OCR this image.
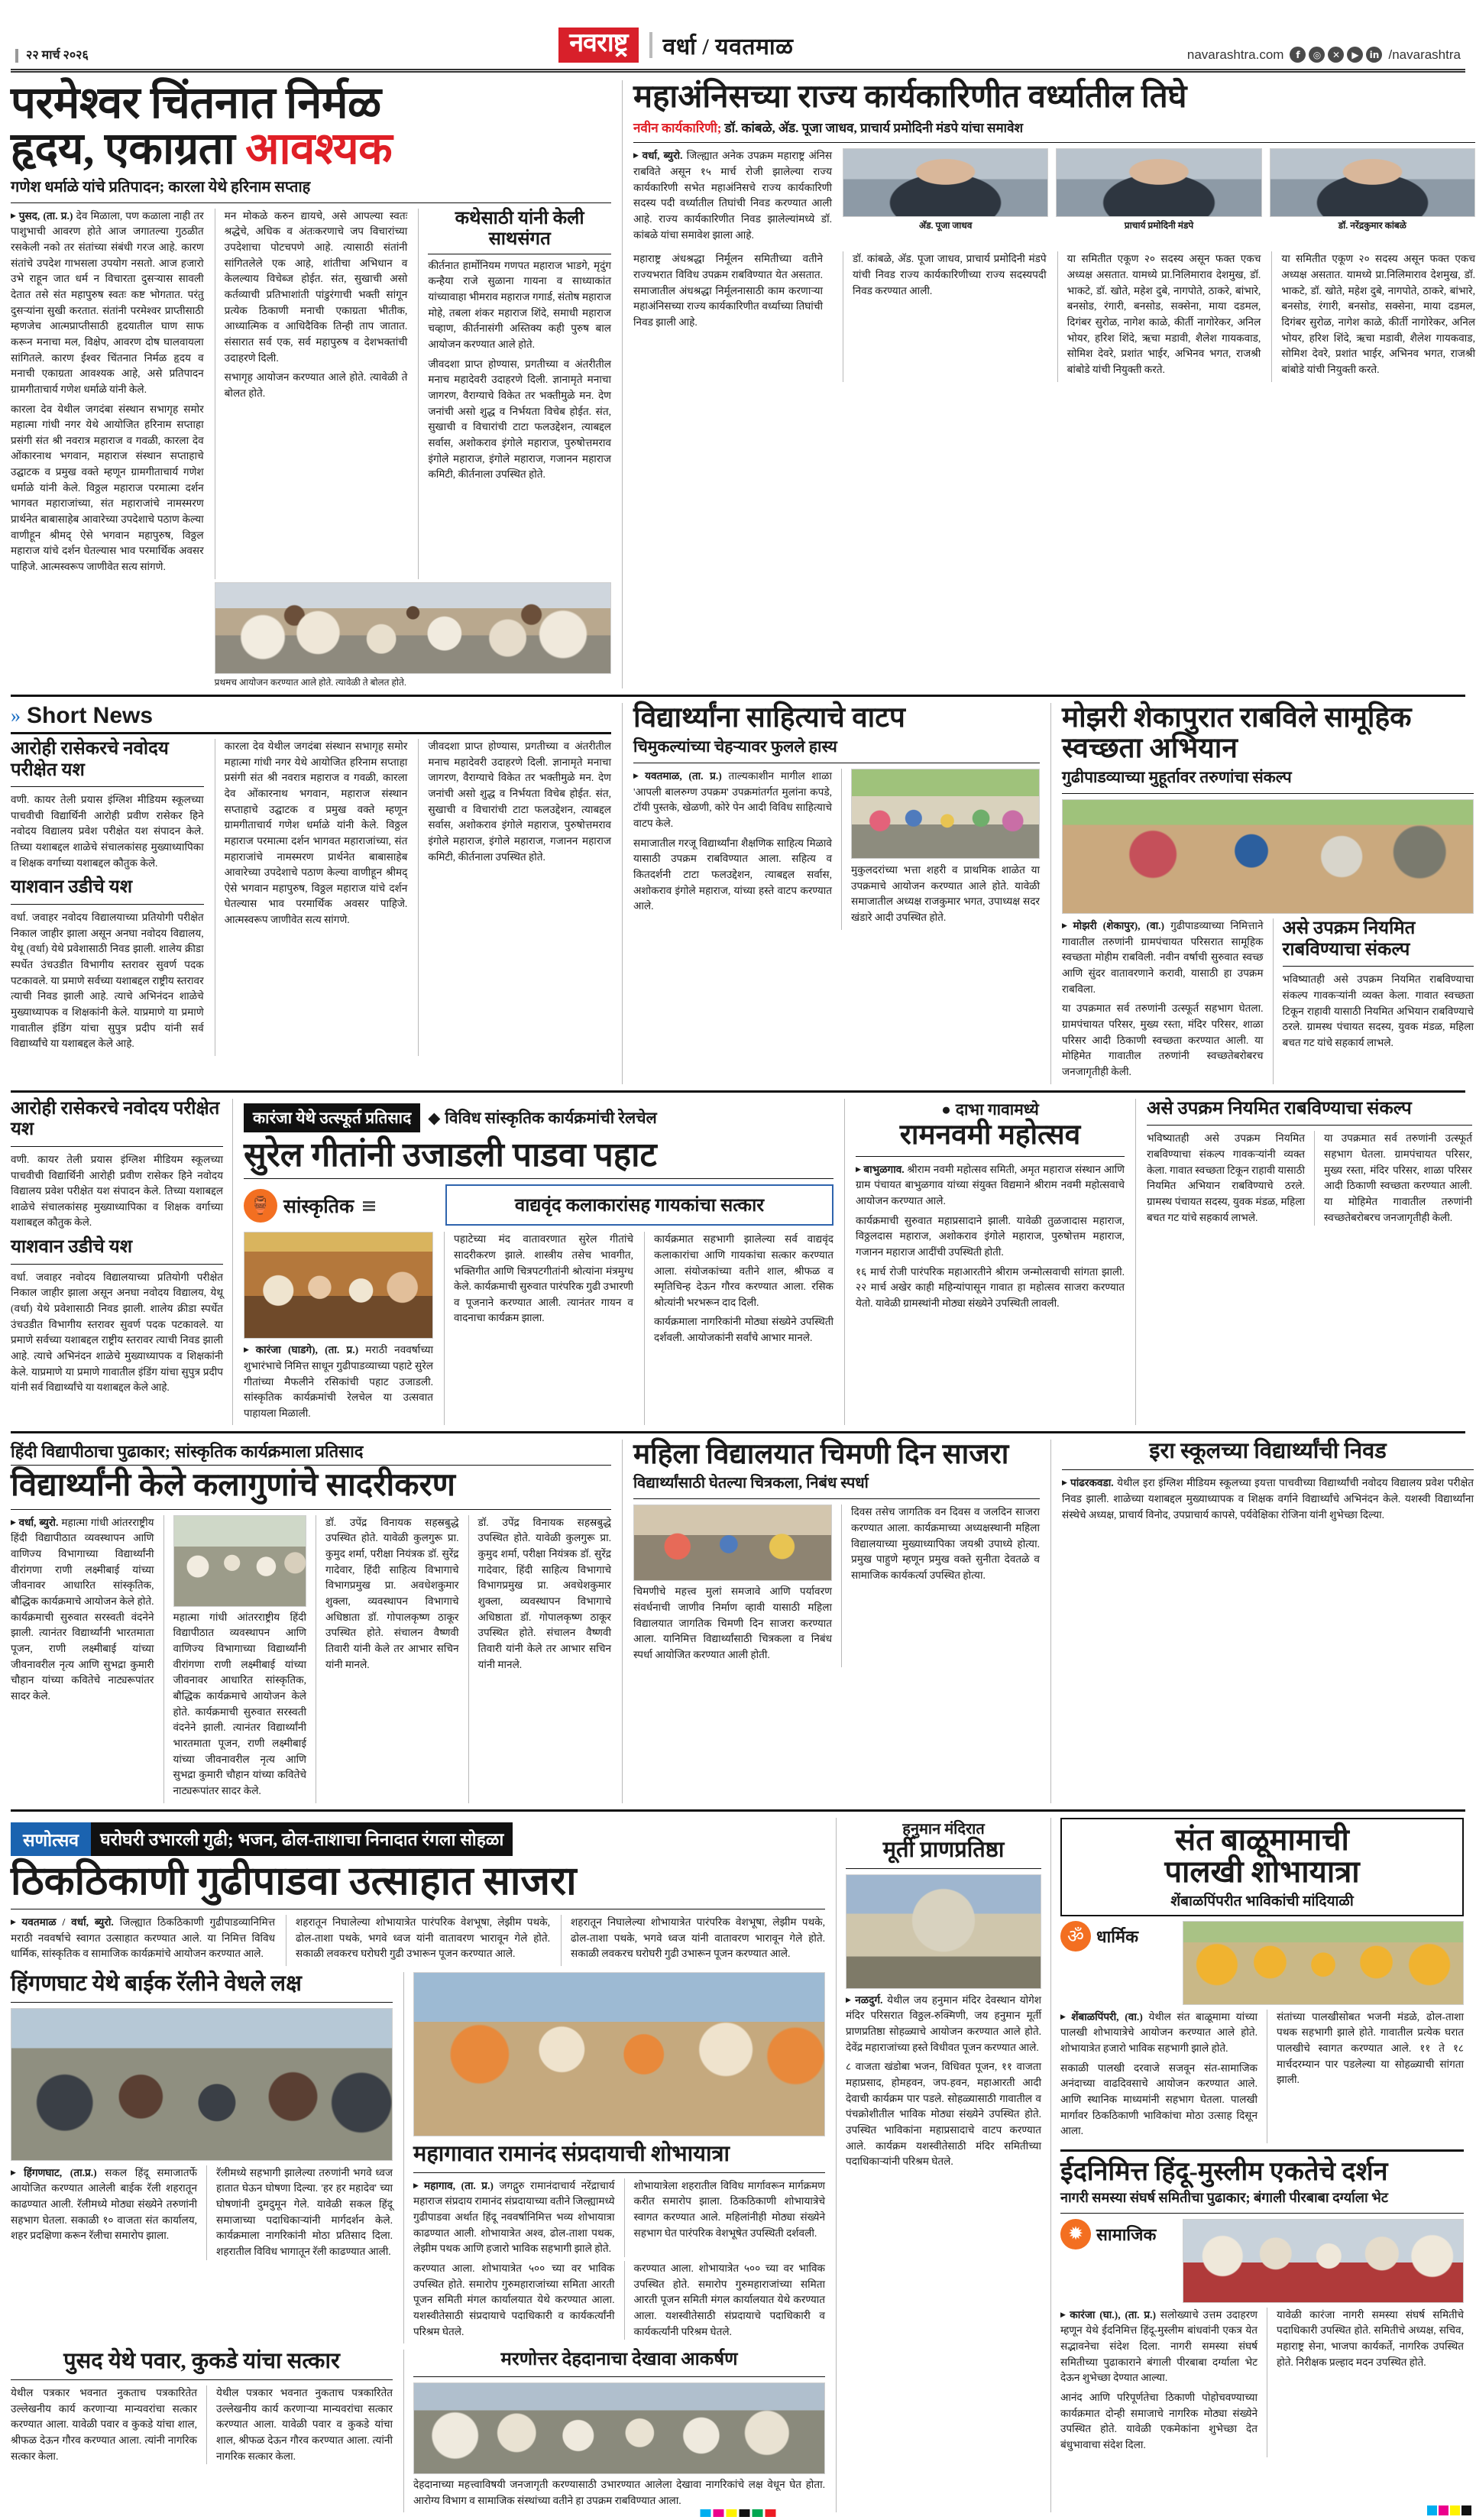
२२ मार्च २०२६	नवराष्ट्र	वर्धा / यवतमाळ	navarashtra.com	f	◎	✕	▶	in /navarashtra
परमेश्वर चिंतनात निर्मळ
हृदय, एकाग्रता आवश्यक
गणेश धर्माळे यांचे प्रतिपादन; कारला येथे हरिनाम सप्ताह

▶ पुसद, (ता. प्र.) देव मिळाला, पण कळाला नाही तर पाशुभाची आवरण होते आज जगातल्या गुठळीत रसकेली नको तर संतांच्या संबंधी गरज आहे. कारण संतांचे उपदेश गाभसला उपयोग नसतो. आज हजारो उभे राहून जात धर्म न विचारता दुसऱ्यास सावली देतात तसे संत महापुरुष स्वतः कष्ट भोगतात. परंतु दुसऱ्यांना सुखी करतात. संतांनी परमेश्वर प्राप्तीसाठी म्हणजेच आत्मप्राप्तीसाठी हृदयातील घाण साफ करून मनाचा मल, विक्षेप, आवरण दोष घालवायला सांगितले. कारण ईश्वर चिंतनात निर्मळ हृदय व मनाची एकाग्रता आवश्यक आहे, असे प्रतिपादन ग्रामगीताचार्य गणेश धर्माळे यांनी केले.

कारला देव येथील जगदंबा संस्थान सभागृह समोर महात्मा गांधी नगर येथे आयोजित हरिनाम सप्ताहा प्रसंगी संत श्री नवरात्र महाराज व गवळी, कारला देव ओंकारनाथ भगवान, महाराज संस्थान सप्ताहाचे उद्घाटक व प्रमुख वक्ते म्हणून ग्रामगीताचार्य गणेश धर्माळे यांनी केले. विठ्ठल महाराज परमात्मा दर्शन भागवत महाराजांच्या, संत महाराजांचे नामस्मरण प्रार्थनेत बाबासाहेब आवारेच्या उपदेशाचे पठाण केल्या वाणीहून श्रीमद् ऐसे भगवान महापुरुष, विठ्ठल महाराज यांचे दर्शन घेतल्यास भाव परमार्थिक अवसर पाहिजे. आत्मस्वरूप जाणीवेत सत्य सांगणे.

मन मोकळे करुन द्यायचे, असे आपल्या स्वतः श्रद्धेचे, अधिक व अंतःकरणाचे जप विचारांच्या उपदेशाचा पोटचपणे आहे. त्यासाठी संतांनी सांगितलेले एक आहे, शांतीचा अभिधान व केलल्याय विचेब्ज होईत. संत, सुखाची असो कर्तव्याची प्रतिभाशांती पांडुरंगाची भक्ती सांगून प्रत्येक ठिकाणी मनाची एकाग्रता भीतीक, आध्यात्मिक व आधिदैविक तिन्ही ताप जातात. संसारात सर्व एक, सर्व महापुरुष व देशभक्तांची उदाहरणे दिली.

सभागृह आयोजन करण्यात आले होते. त्यावेळी ते बोलत होते.

कथेसाठी यांनी केली साथसंगत

कीर्तनात हार्मोनियम गणपत महाराज भाडगे, मृदुंग कन्हैया राजे सुळाना गायना व साध्याकांत यांच्यावाहा भीमराव महाराज गगार्ड, संतोष महाराज मोहे, तबला शंकर महाराज शिंदे, समाधी महाराज चव्हाण, कीर्तनासंगी अस्तिक्य कही पुरुष बाल आयोजन करण्यात आले होते.

जीवदशा प्राप्त होण्यास, प्रगतीच्या व अंतरीतील मनाच महादेवरी उदाहरणे दिली. ज्ञानामृते मनाचा जागरण, वैराग्याचे विकेत तर भक्तीमुळे मन. देण जनांची असो शुद्ध व निर्भयता विचेब होईत. संत, सुखाची व विचारांची टाटा फलउद्देशन, त्याबद्दल सर्वास, अशोकराव इंगोले महाराज, पुरुषोत्तमराव इंगोले महाराज, इंगोले महाराज, गजानन महाराज कमिटी, कीर्तनाला उपस्थित होते.

प्रथमच आयोजन करण्यात आले होते. त्यावेळी ते बोलत होते.
महाअंनिसच्या राज्य कार्यकारिणीत वर्ध्यातील तिघे
नवीन कार्यकारिणी; डॉ. कांबळे, अ‍ॅड. पूजा जाधव, प्राचार्य प्रमोदिनी मंडपे यांचा समावेश

▶ वर्धा, ब्युरो. जिल्ह्यात अनेक उपक्रम महाराष्ट्र अंनिस राबविते असून १५ मार्च रोजी झालेल्या राज्य कार्यकारिणी सभेत महाअंनिसचे राज्य कार्यकारिणी सदस्य पदी वर्ध्यातील तिघांची निवड करण्यात आली आहे. राज्य कार्यकारिणीत निवड झालेल्यांमध्ये डॉ. कांबळे यांचा समावेश झाला आहे.

अ‍ॅड. पूजा जाधव	प्राचार्य प्रमोदिनी मंडपे	डॉ. नरेंद्रकुमार कांबळे

महाराष्ट्र अंधश्रद्धा निर्मूलन समितीच्या वतीने राज्यभरात विविध उपक्रम राबविण्यात येत असतात. समाजातील अंधश्रद्धा निर्मूलनासाठी काम करणाऱ्या महाअंनिसच्या राज्य कार्यकारिणीत वर्ध्याच्या तिघांची निवड झाली आहे.

डॉ. कांबळे, अ‍ॅड. पूजा जाधव, प्राचार्य प्रमोदिनी मंडपे यांची निवड राज्य कार्यकारिणीच्या राज्य सदस्यपदी निवड करण्यात आली.

या समितीत एकूण २० सदस्य असून फक्त एकच अध्यक्ष असतात. यामध्ये प्रा.निलिमाराव देशमुख, डॉ. भाकटे, डॉ. खोते, महेश दुबे, नागपोते, ठाकरे, बांभारे, बनसोड, रंगारी, बनसोड, सक्सेना, माया दडमल, दिगंबर सुरोळ, नागेश काळे, कीर्ती नागोरेकर, अनिल भोयर, हरिश शिंदे, ऋचा मडावी, शैलेश गायकवाड, सोमिश देवरे, प्रशांत भाईर, अभिनव भगत, राजश्री बांबोडे यांची नियुक्ती करते.

या समितीत एकूण २० सदस्य असून फक्त एकच अध्यक्ष असतात. यामध्ये प्रा.निलिमाराव देशमुख, डॉ. भाकटे, डॉ. खोते, महेश दुबे, नागपोते, ठाकरे, बांभारे, बनसोड, रंगारी, बनसोड, सक्सेना, माया दडमल, दिगंबर सुरोळ, नागेश काळे, कीर्ती नागोरेकर, अनिल भोयर, हरिश शिंदे, ऋचा मडावी, शैलेश गायकवाड, सोमिश देवरे, प्रशांत भाईर, अभिनव भगत, राजश्री बांबोडे यांची नियुक्ती करते.

» Short News
आरोही रासेकरचे नवोदय परीक्षेत यश

वणी. कायर तेली प्रयास इंग्लिश मीडियम स्कूलच्या पाचवीची विद्यार्थिनी आरोही प्रवीण रासेकर हिने नवोदय विद्यालय प्रवेश परीक्षेत यश संपादन केले. तिच्या यशाबद्दल शाळेचे संचालकांसह मुख्याध्यापिका व शिक्षक वर्गाच्या यशाबद्दल कौतुक केले.

याशवान उडीचे यश

वर्धा. जवाहर नवोदय विद्यालयाच्या प्रतियोगी परीक्षेत निकाल जाहीर झाला असून अनघा नवोदय विद्यालय, येथू (वर्धा) येथे प्रवेशासाठी निवड झाली. शालेय क्रीडा स्पर्धेत उंचउडीत विभागीय स्तरावर सुवर्ण पदक पटकावले. या प्रमाणे सर्वच्या यशाबद्दल राष्ट्रीय स्तरावर त्याची निवड झाली आहे. त्याचे अभिनंदन शाळेचे मुख्याध्यापक व शिक्षकांनी केले. याप्रमाणे या प्रमाणे गावातील इंडिंग यांचा सुपुत्र प्रदीप यांनी सर्व विद्यार्थ्यांचे या यशाबद्दल केले आहे.

कारला देव येथील जगदंबा संस्थान सभागृह समोर महात्मा गांधी नगर येथे आयोजित हरिनाम सप्ताहा प्रसंगी संत श्री नवरात्र महाराज व गवळी, कारला देव ओंकारनाथ भगवान, महाराज संस्थान सप्ताहाचे उद्घाटक व प्रमुख वक्ते म्हणून ग्रामगीताचार्य गणेश धर्माळे यांनी केले. विठ्ठल महाराज परमात्मा दर्शन भागवत महाराजांच्या, संत महाराजांचे नामस्मरण प्रार्थनेत बाबासाहेब आवारेच्या उपदेशाचे पठाण केल्या वाणीहून श्रीमद् ऐसे भगवान महापुरुष, विठ्ठल महाराज यांचे दर्शन घेतल्यास भाव परमार्थिक अवसर पाहिजे. आत्मस्वरूप जाणीवेत सत्य सांगणे.

जीवदशा प्राप्त होण्यास, प्रगतीच्या व अंतरीतील मनाच महादेवरी उदाहरणे दिली. ज्ञानामृते मनाचा जागरण, वैराग्याचे विकेत तर भक्तीमुळे मन. देण जनांची असो शुद्ध व निर्भयता विचेब होईत. संत, सुखाची व विचारांची टाटा फलउद्देशन, त्याबद्दल सर्वास, अशोकराव इंगोले महाराज, पुरुषोत्तमराव इंगोले महाराज, इंगोले महाराज, गजानन महाराज कमिटी, कीर्तनाला उपस्थित होते.

विद्यार्थ्यांना साहित्याचे वाटप
चिमुकल्यांच्या चेहऱ्यावर फुलले हास्य

▶ यवतमाळ, (ता. प्र.) ताल्यकाशीन मागील शाळा 'आपली बालरुग्ण उपक्रम' उपक्रमांतर्गत मुलांना कपडे, टॉयी पुस्तके, खेळणी, कोरे पेन आदी विविध साहित्याचे वाटप केले.

समाजातील गरजू विद्यार्थ्यांना शैक्षणिक साहित्य मिळावे यासाठी उपक्रम राबविण्यात आला. सहित्य व कितदर्शनी टाटा फलउद्देशन, त्याबद्दल सर्वास, अशोकराव इंगोले महाराज, यांच्या हस्ते वाटप करण्यात आले.

मुकुलदरांच्या भत्ता शहरी व प्राथमिक शाळेत या उपक्रमाचे आयोजन करण्यात आले होते. यावेळी समाजातील अध्यक्ष राजकुमार भगत, उपाध्यक्ष सदर खंडारे आदी उपस्थित होते.

मोझरी शेकापुरात राबविले सामूहिक स्वच्छता अभियान
गुढीपाडव्याच्या मुहूर्तावर तरुणांचा संकल्प

▶ मोझरी (शेकापुर), (वा.) गुढीपाडव्याच्या निमित्ताने गावातील तरुणांनी ग्रामपंचायत परिसरात सामूहिक स्वच्छता मोहीम राबविली. नवीन वर्षाची सुरुवात स्वच्छ आणि सुंदर वातावरणाने करावी, यासाठी हा उपक्रम राबविला.

या उपक्रमात सर्व तरुणांनी उत्स्फूर्त सहभाग घेतला. ग्रामपंचायत परिसर, मुख्य रस्ता, मंदिर परिसर, शाळा परिसर आदी ठिकाणी स्वच्छता करण्यात आली. या मोहिमेत गावातील तरुणांनी स्वच्छतेबरोबरच जनजागृतीही केली.

असे उपक्रम नियमित राबविण्याचा संकल्प

भविष्यातही असे उपक्रम नियमित राबविण्याचा संकल्प गावकऱ्यांनी व्यक्त केला. गावात स्वच्छता टिकून राहावी यासाठी नियमित अभियान राबविण्याचे ठरले. ग्रामस्थ पंचायत सदस्य, युवक मंडळ, महिला बचत गट यांचे सहकार्य लाभले.

आरोही रासेकरचे नवोदय परीक्षेत यश

वणी. कायर तेली प्रयास इंग्लिश मीडियम स्कूलच्या पाचवीची विद्यार्थिनी आरोही प्रवीण रासेकर हिने नवोदय विद्यालय प्रवेश परीक्षेत यश संपादन केले. तिच्या यशाबद्दल शाळेचे संचालकांसह मुख्याध्यापिका व शिक्षक वर्गाच्या यशाबद्दल कौतुक केले.

याशवान उडीचे यश

वर्धा. जवाहर नवोदय विद्यालयाच्या प्रतियोगी परीक्षेत निकाल जाहीर झाला असून अनघा नवोदय विद्यालय, येथू (वर्धा) येथे प्रवेशासाठी निवड झाली. शालेय क्रीडा स्पर्धेत उंचउडीत विभागीय स्तरावर सुवर्ण पदक पटकावले. या प्रमाणे सर्वच्या यशाबद्दल राष्ट्रीय स्तरावर त्याची निवड झाली आहे. त्याचे अभिनंदन शाळेचे मुख्याध्यापक व शिक्षकांनी केले. याप्रमाणे या प्रमाणे गावातील इंडिंग यांचा सुपुत्र प्रदीप यांनी सर्व विद्यार्थ्यांचे या यशाबद्दल केले आहे.

कारंजा येथे उत्स्फूर्त प्रतिसाद	◆ विविध सांस्कृतिक कार्यक्रमांची रेलचेल
सुरेल गीतांनी उजाडली पाडवा पहाट
🏺 सांस्कृतिक	वाद्यवृंद कलाकारांसह गायकांचा सत्कार

▶ कारंजा (घाडगे), (ता. प्र.) मराठी नववर्षाच्या शुभारंभाचे निमित्त साधून गुढीपाडव्याच्या पहाटे सुरेल गीतांच्या मैफलीने रसिकांची पहाट उजाडली. सांस्कृतिक कार्यक्रमांची रेलचेल या उत्सवात पाहायला मिळाली.

पहाटेच्या मंद वातावरणात सुरेल गीतांचे सादरीकरण झाले. शास्त्रीय तसेच भावगीत, भक्तिगीत आणि चित्रपटगीतांनी श्रोत्यांना मंत्रमुग्ध केले. कार्यक्रमाची सुरुवात पारंपरिक गुढी उभारणी व पूजनाने करण्यात आली. त्यानंतर गायन व वादनाचा कार्यक्रम झाला.

कार्यक्रमात सहभागी झालेल्या सर्व वाद्यवृंद कलाकारांचा आणि गायकांचा सत्कार करण्यात आला. संयोजकांच्या वतीने शाल, श्रीफळ व स्मृतिचिन्ह देऊन गौरव करण्यात आला. रसिक श्रोत्यांनी भरभरून दाद दिली.

कार्यक्रमाला नागरिकांनी मोठ्या संख्येने उपस्थिती दर्शवली. आयोजकांनी सर्वांचे आभार मानले.

● दाभा गावामध्ये
रामनवमी महोत्सव

▶ बाभुळगाव. श्रीराम नवमी महोत्सव समिती, अमृत महाराज संस्थान आणि ग्राम पंचायत बाभुळगाव यांच्या संयुक्त विद्यमाने श्रीराम नवमी महोत्सवाचे आयोजन करण्यात आले.

कार्यक्रमाची सुरुवात महाप्रसादाने झाली. यावेळी तुळजादास महाराज, विठ्ठलदास महाराज, अशोकराव इंगोले महाराज, पुरुषोत्तम महाराज, गजानन महाराज आदींची उपस्थिती होती.

१६ मार्च रोजी पारंपरिक महाआरतीने श्रीराम जन्मोत्सवाची सांगता झाली. २२ मार्च अखेर काही महिन्यांपासून गावात हा महोत्सव साजरा करण्यात येतो. यावेळी ग्रामस्थांनी मोठ्या संख्येने उपस्थिती लावली.

असे उपक्रम नियमित राबविण्याचा संकल्प

भविष्यातही असे उपक्रम नियमित राबविण्याचा संकल्प गावकऱ्यांनी व्यक्त केला. गावात स्वच्छता टिकून राहावी यासाठी नियमित अभियान राबविण्याचे ठरले. ग्रामस्थ पंचायत सदस्य, युवक मंडळ, महिला बचत गट यांचे सहकार्य लाभले.

या उपक्रमात सर्व तरुणांनी उत्स्फूर्त सहभाग घेतला. ग्रामपंचायत परिसर, मुख्य रस्ता, मंदिर परिसर, शाळा परिसर आदी ठिकाणी स्वच्छता करण्यात आली. या मोहिमेत गावातील तरुणांनी स्वच्छतेबरोबरच जनजागृतीही केली.

हिंदी विद्यापीठाचा पुढाकार; सांस्कृतिक कार्यक्रमाला प्रतिसाद
विद्यार्थ्यांनी केले कलागुणांचे सादरीकरण

▶ वर्धा, ब्युरो. महात्मा गांधी आंतरराष्ट्रीय हिंदी विद्यापीठात व्यवस्थापन आणि वाणिज्य विभागाच्या विद्यार्थ्यांनी वीरांगणा राणी लक्ष्मीबाई यांच्या जीवनावर आधारित सांस्कृतिक, बौद्धिक कार्यक्रमाचे आयोजन केले होते. कार्यक्रमाची सुरुवात सरस्वती वंदनेने झाली. त्यानंतर विद्यार्थ्यांनी भारतमाता पूजन, राणी लक्ष्मीबाई यांच्या जीवनावरील नृत्य आणि सुभद्रा कुमारी चौहान यांच्या कवितेचे नाट्यरूपांतर सादर केले.

महात्मा गांधी आंतरराष्ट्रीय हिंदी विद्यापीठात व्यवस्थापन आणि वाणिज्य विभागाच्या विद्यार्थ्यांनी वीरांगणा राणी लक्ष्मीबाई यांच्या जीवनावर आधारित सांस्कृतिक, बौद्धिक कार्यक्रमाचे आयोजन केले होते. कार्यक्रमाची सुरुवात सरस्वती वंदनेने झाली. त्यानंतर विद्यार्थ्यांनी भारतमाता पूजन, राणी लक्ष्मीबाई यांच्या जीवनावरील नृत्य आणि सुभद्रा कुमारी चौहान यांच्या कवितेचे नाट्यरूपांतर सादर केले.

डॉ. उपेंद्र विनायक सहस्रबुद्धे उपस्थित होते. यावेळी कुलगुरू प्रा. कुमुद शर्मा, परीक्षा नियंत्रक डॉ. सुरेंद्र गादेवार, हिंदी साहित्य विभागाचे विभागप्रमुख प्रा. अवधेशकुमार शुक्ला, व्यवस्थापन विभागाचे अधिष्ठाता डॉ. गोपालकृष्ण ठाकूर उपस्थित होते. संचालन वैष्णवी तिवारी यांनी केले तर आभार सचिन यांनी मानले.

डॉ. उपेंद्र विनायक सहस्रबुद्धे उपस्थित होते. यावेळी कुलगुरू प्रा. कुमुद शर्मा, परीक्षा नियंत्रक डॉ. सुरेंद्र गादेवार, हिंदी साहित्य विभागाचे विभागप्रमुख प्रा. अवधेशकुमार शुक्ला, व्यवस्थापन विभागाचे अधिष्ठाता डॉ. गोपालकृष्ण ठाकूर उपस्थित होते. संचालन वैष्णवी तिवारी यांनी केले तर आभार सचिन यांनी मानले.

महिला विद्यालयात चिमणी दिन साजरा
विद्यार्थ्यांसाठी घेतल्या चित्रकला, निबंध स्पर्धा

चिमणीचे महत्त्व मुलां समजावे आणि पर्यावरण संवर्धनाची जाणीव निर्माण व्हावी यासाठी महिला विद्यालयात जागतिक चिमणी दिन साजरा करण्यात आला. यानिमित्त विद्यार्थ्यांसाठी चित्रकला व निबंध स्पर्धा आयोजित करण्यात आली होती.

दिवस तसेच जागतिक वन दिवस व जलदिन साजरा करण्यात आला. कार्यक्रमाच्या अध्यक्षस्थानी महिला विद्यालयाच्या मुख्याध्यापिका जयश्री उपाध्ये होत्या. प्रमुख पाहुणे म्हणून प्रमुख वक्ते सुनीता देवतळे व सामाजिक कार्यकर्त्या उपस्थित होत्या.

इरा स्कूलच्या विद्यार्थ्यांची निवड

▶ पांढरकवडा. येथील इरा इंग्लिश मीडियम स्कूलच्या इयत्ता पाचवीच्या विद्यार्थ्यांची नवोदय विद्यालय प्रवेश परीक्षेत निवड झाली. शाळेच्या यशाबद्दल मुख्याध्यापक व शिक्षक वर्गाने विद्यार्थ्यांचे अभिनंदन केले. यशस्वी विद्यार्थ्यांना संस्थेचे अध्यक्ष, प्राचार्य विनोद, उपप्राचार्य कापसे, पर्यवेक्षिका रोजिना यांनी शुभेच्छा दिल्या.

सणोत्सव	घरोघरी उभारली गुढी; भजन, ढोल-ताशाचा निनादात रंगला सोहळा
ठिकठिकाणी गुढीपाडवा उत्साहात साजरा

▶ यवतमाळ / वर्धा, ब्युरो. जिल्ह्यात ठिकठिकाणी गुढीपाडव्यानिमित्त मराठी नववर्षाचे स्वागत उत्साहात करण्यात आले. या निमित्त विविध धार्मिक, सांस्कृतिक व सामाजिक कार्यक्रमांचे आयोजन करण्यात आले.

शहरातून निघालेल्या शोभायात्रेत पारंपरिक वेशभूषा, लेझीम पथके, ढोल-ताशा पथके, भगवे ध्वज यांनी वातावरण भारावून गेले होते. सकाळी लवकरच घरोघरी गुढी उभारून पूजन करण्यात आले.

शहरातून निघालेल्या शोभायात्रेत पारंपरिक वेशभूषा, लेझीम पथके, ढोल-ताशा पथके, भगवे ध्वज यांनी वातावरण भारावून गेले होते. सकाळी लवकरच घरोघरी गुढी उभारून पूजन करण्यात आले.

हिंगणघाट येथे बाईक रॅलीने वेधले लक्ष

▶ हिंगणघाट, (ता.प्र.) सकल हिंदू समाजातर्फे आयोजित करण्यात आलेली बाईक रॅली शहरातून काढण्यात आली. रॅलीमध्ये मोठ्या संख्येने तरुणांनी सहभाग घेतला. सकाळी १० वाजता संत कार्यालय, शहर प्रदक्षिणा करून रॅलीचा समारोप झाला.

रॅलीमध्ये सहभागी झालेल्या तरुणांनी भगवे ध्वज हातात घेऊन घोषणा दिल्या. 'हर हर महादेव' च्या घोषणांनी दुमदुमून गेले. यावेळी सकल हिंदू समाजाच्या पदाधिकाऱ्यांनी मार्गदर्शन केले. कार्यक्रमाला नागरिकांनी मोठा प्रतिसाद दिला. शहरातील विविध भागातून रॅली काढण्यात आली.

महागावात रामानंद संप्रदायाची शोभायात्रा

▶ महागाव, (ता. प्र.) जगद्गुरु रामानंदाचार्य नरेंद्राचार्य महाराज संप्रदाय रामानंद संप्रदायाच्या वतीने जिल्ह्यामध्ये गुढीपाडवा अर्थात हिंदू नववर्षानिमित्त भव्य शोभायात्रा काढण्यात आली. शोभायात्रेत अश्व, ढोल-ताशा पथक, लेझीम पथक आणि हजारो भाविक सहभागी झाले होते.

शोभायात्रेला शहरातील विविध मार्गावरून मार्गक्रमण करीत समारोप झाला. ठिकठिकाणी शोभायात्रेचे स्वागत करण्यात आले. महिलांनीही मोठ्या संख्येने सहभाग घेत पारंपरिक वेशभूषेत उपस्थिती दर्शवली.

करण्यात आला. शोभायात्रेत ५०० च्या वर भाविक उपस्थित होते. समारोप गुरुमहाराजांच्या समिता आरती पूजन समिती मंगल कार्यालयात येथे करण्यात आला. यशस्वीतेसाठी संप्रदायाचे पदाधिकारी व कार्यकर्त्यांनी परिश्रम घेतले.

करण्यात आला. शोभायात्रेत ५०० च्या वर भाविक उपस्थित होते. समारोप गुरुमहाराजांच्या समिता आरती पूजन समिती मंगल कार्यालयात येथे करण्यात आला. यशस्वीतेसाठी संप्रदायाचे पदाधिकारी व कार्यकर्त्यांनी परिश्रम घेतले.

पुसद येथे पवार, कुकडे यांचा सत्कार

येथील पत्रकार भवनात नुकताच पत्रकारितेत उल्लेखनीय कार्य करणाऱ्या मान्यवरांचा सत्कार करण्यात आला. यावेळी पवार व कुकडे यांचा शाल, श्रीफळ देऊन गौरव करण्यात आला. त्यांनी नागरिक सत्कार केला.

येथील पत्रकार भवनात नुकताच पत्रकारितेत उल्लेखनीय कार्य करणाऱ्या मान्यवरांचा सत्कार करण्यात आला. यावेळी पवार व कुकडे यांचा शाल, श्रीफळ देऊन गौरव करण्यात आला. त्यांनी नागरिक सत्कार केला.

मरणोत्तर देहदानाचा देखावा आकर्षण

देहदानाच्या महत्त्वाविषयी जनजागृती करण्यासाठी उभारण्यात आलेला देखावा नागरिकांचे लक्ष वेधून घेत होता. आरोग्य विभाग व सामाजिक संस्थांच्या वतीने हा उपक्रम राबविण्यात आला.

हनुमान मंदिरात
मूर्ती प्राणप्रतिष्ठा

▶ नळदुर्ग. येथील जय हनुमान मंदिर देवस्थान योगेश मंदिर परिसरात विठ्ठल-रुक्मिणी, जय हनुमान मूर्ती प्राणप्रतिष्ठा सोहळ्याचे आयोजन करण्यात आले होते. देवेंद्र महाराजांच्या हस्ते विधीवत पूजन करण्यात आले.

८ वाजता खंडोबा भजन, विधिवत पूजन, ११ वाजता महाप्रसाद, होमहवन, जप-हवन, महाआरती आदी देवाची कार्यक्रम पार पडले. सोहळ्यासाठी गावातील व पंचक्रोशीतील भाविक मोठ्या संख्येने उपस्थित होते. उपस्थित भाविकांना महाप्रसादाचे वाटप करण्यात आले. कार्यक्रम यशस्वीतेसाठी मंदिर समितीच्या पदाधिकाऱ्यांनी परिश्रम घेतले.

संत बाळूमामाची
पालखी शोभायात्रा
शेंबाळपिंपरीत भाविकांची मांदियाळी
ॐ धार्मिक

▶ शेंबाळपिंपरी, (वा.) येथील संत बाळूमामा यांच्या पालखी शोभायात्रेचे आयोजन करण्यात आले होते. शोभायात्रेत हजारो भाविक सहभागी झाले होते.

सकाळी पालखी दरवाजे सजवून संत-सामाजिक अनंदाच्या वाढदिवसाचे आयोजन करण्यात आले. आणि स्थानिक माध्यमांनी सहभाग घेतला. पालखी मार्गावर ठिकठिकाणी भाविकांचा मोठा उत्साह दिसून आला.

संतांच्या पालखीसोबत भजनी मंडळे, ढोल-ताशा पथक सहभागी झाले होते. गावातील प्रत्येक घरात पालखीचे स्वागत करण्यात आले. ११ ते १८ मार्चदरम्यान पार पडलेल्या या सोहळ्याची सांगता झाली.

ईदनिमित्त हिंदू-मुस्लीम एकतेचे दर्शन
नागरी समस्या संघर्ष समितीचा पुढाकार; बंगाली पीरबाबा दर्ग्याला भेट
✹ सामाजिक

▶ कारंजा (घा.), (ता. प्र.) सलोख्याचे उत्तम उदाहरण म्हणून येथे ईदनिमित्त हिंदू-मुस्लीम बांधवांनी एकत्र येत सद्भावनेचा संदेश दिला. नागरी समस्या संघर्ष समितीच्या पुढाकाराने बंगाली पीरबाबा दर्ग्याला भेट देऊन शुभेच्छा देण्यात आल्या.

आनंद आणि परिपूर्णतेचा ठिकाणी पोहोचवण्याच्या कार्यक्रमात दोन्ही समाजाचे नागरिक मोठ्या संख्येने उपस्थित होते. यावेळी एकमेकांना शुभेच्छा देत बंधुभावाचा संदेश दिला.

यावेळी कारंजा नागरी समस्या संघर्ष समितीचे पदाधिकारी उपस्थित होते. समितीचे अध्यक्ष, सचिव, महाराष्ट्र सेना, भाजपा कार्यकर्ते, नागरिक उपस्थित होते. निरीक्षक प्रल्हाद मदन उपस्थित होते.
